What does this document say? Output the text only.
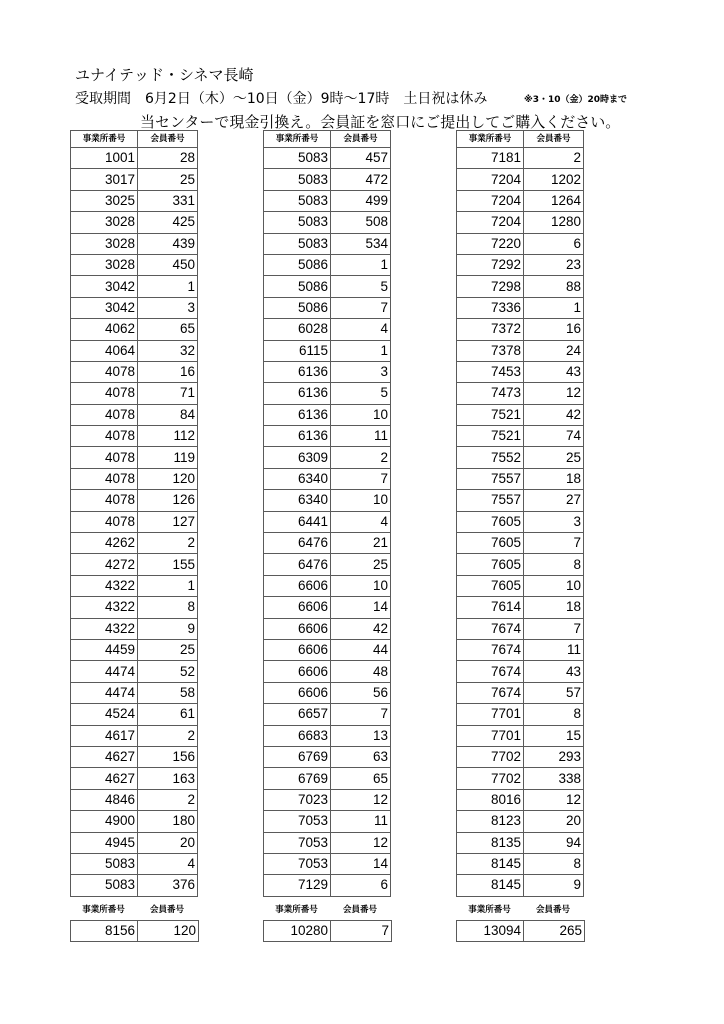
ユナイテッド・シネマ長崎
受取期間　6月2日（木）～10日（金）9時～17時　土日祝は休み	※3・10（金）20時まで
当センターで現金引換え。会員証を窓口にご提出してご購入ください。
事業所番号	会員番号
1001	28
3017	25
3025	331
3028	425
3028	439
3028	450
3042	1
3042	3
4062	65
4064	32
4078	16
4078	71
4078	84
4078	112
4078	119
4078	120
4078	126
4078	127
4262	2
4272	155
4322	1
4322	8
4322	9
4459	25
4474	52
4474	58
4524	61
4617	2
4627	156
4627	163
4846	2
4900	180
4945	20
5083	4
5083	376
事業所番号	会員番号
8156	120
事業所番号	会員番号
5083	457
5083	472
5083	499
5083	508
5083	534
5086	1
5086	5
5086	7
6028	4
6115	1
6136	3
6136	5
6136	10
6136	11
6309	2
6340	7
6340	10
6441	4
6476	21
6476	25
6606	10
6606	14
6606	42
6606	44
6606	48
6606	56
6657	7
6683	13
6769	63
6769	65
7023	12
7053	11
7053	12
7053	14
7129	6
事業所番号	会員番号
10280	7
事業所番号	会員番号
7181	2
7204	1202
7204	1264
7204	1280
7220	6
7292	23
7298	88
7336	1
7372	16
7378	24
7453	43
7473	12
7521	42
7521	74
7552	25
7557	18
7557	27
7605	3
7605	7
7605	8
7605	10
7614	18
7674	7
7674	11
7674	43
7674	57
7701	8
7701	15
7702	293
7702	338
8016	12
8123	20
8135	94
8145	8
8145	9
事業所番号	会員番号
13094	265
